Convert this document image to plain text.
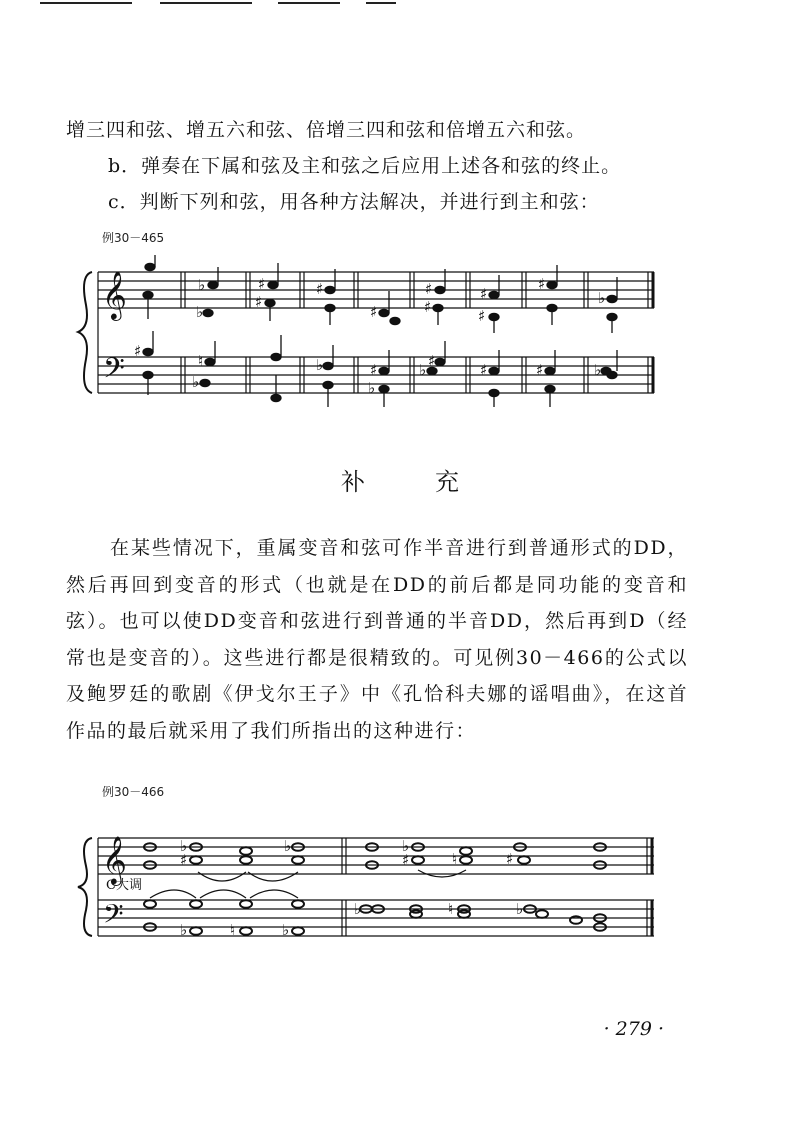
增三四和弦、增五六和弦、倍增三四和弦和倍增五六和弦。

b．弹奏在下属和弦及主和弦之后应用上述各和弦的终止。

c．判断下列和弦，用各种方法解决，并进行到主和弦：

例30－465
𝄞
𝄢
♭
♭
♯
♯
♯
♯
♯
♯
♯
♯
♯
♭
♯
♮
♭
♭	♯
♭
♯
♭	♯	♯	♭
补充

在某些情况下，重属变音和弦可作半音进行到普通形式的DD，然后再回到变音的形式（也就是在DD的前后都是同功能的变音和弦）。也可以使DD变音和弦进行到普通的半音DD，然后再到D（经常也是变音的）。这些进行都是很精致的。可见例30－466的公式以及鲍罗廷的歌剧《伊戈尔王子》中《孔恰科夫娜的谣唱曲》，在这首作品的最后就采用了我们所指出的这种进行：

例30－466
𝄞
𝄢
♭
♯
♭	♭
♯	♮	♯
♭	♮	♭
♭	♮	♭
C大调
· 279 ·
